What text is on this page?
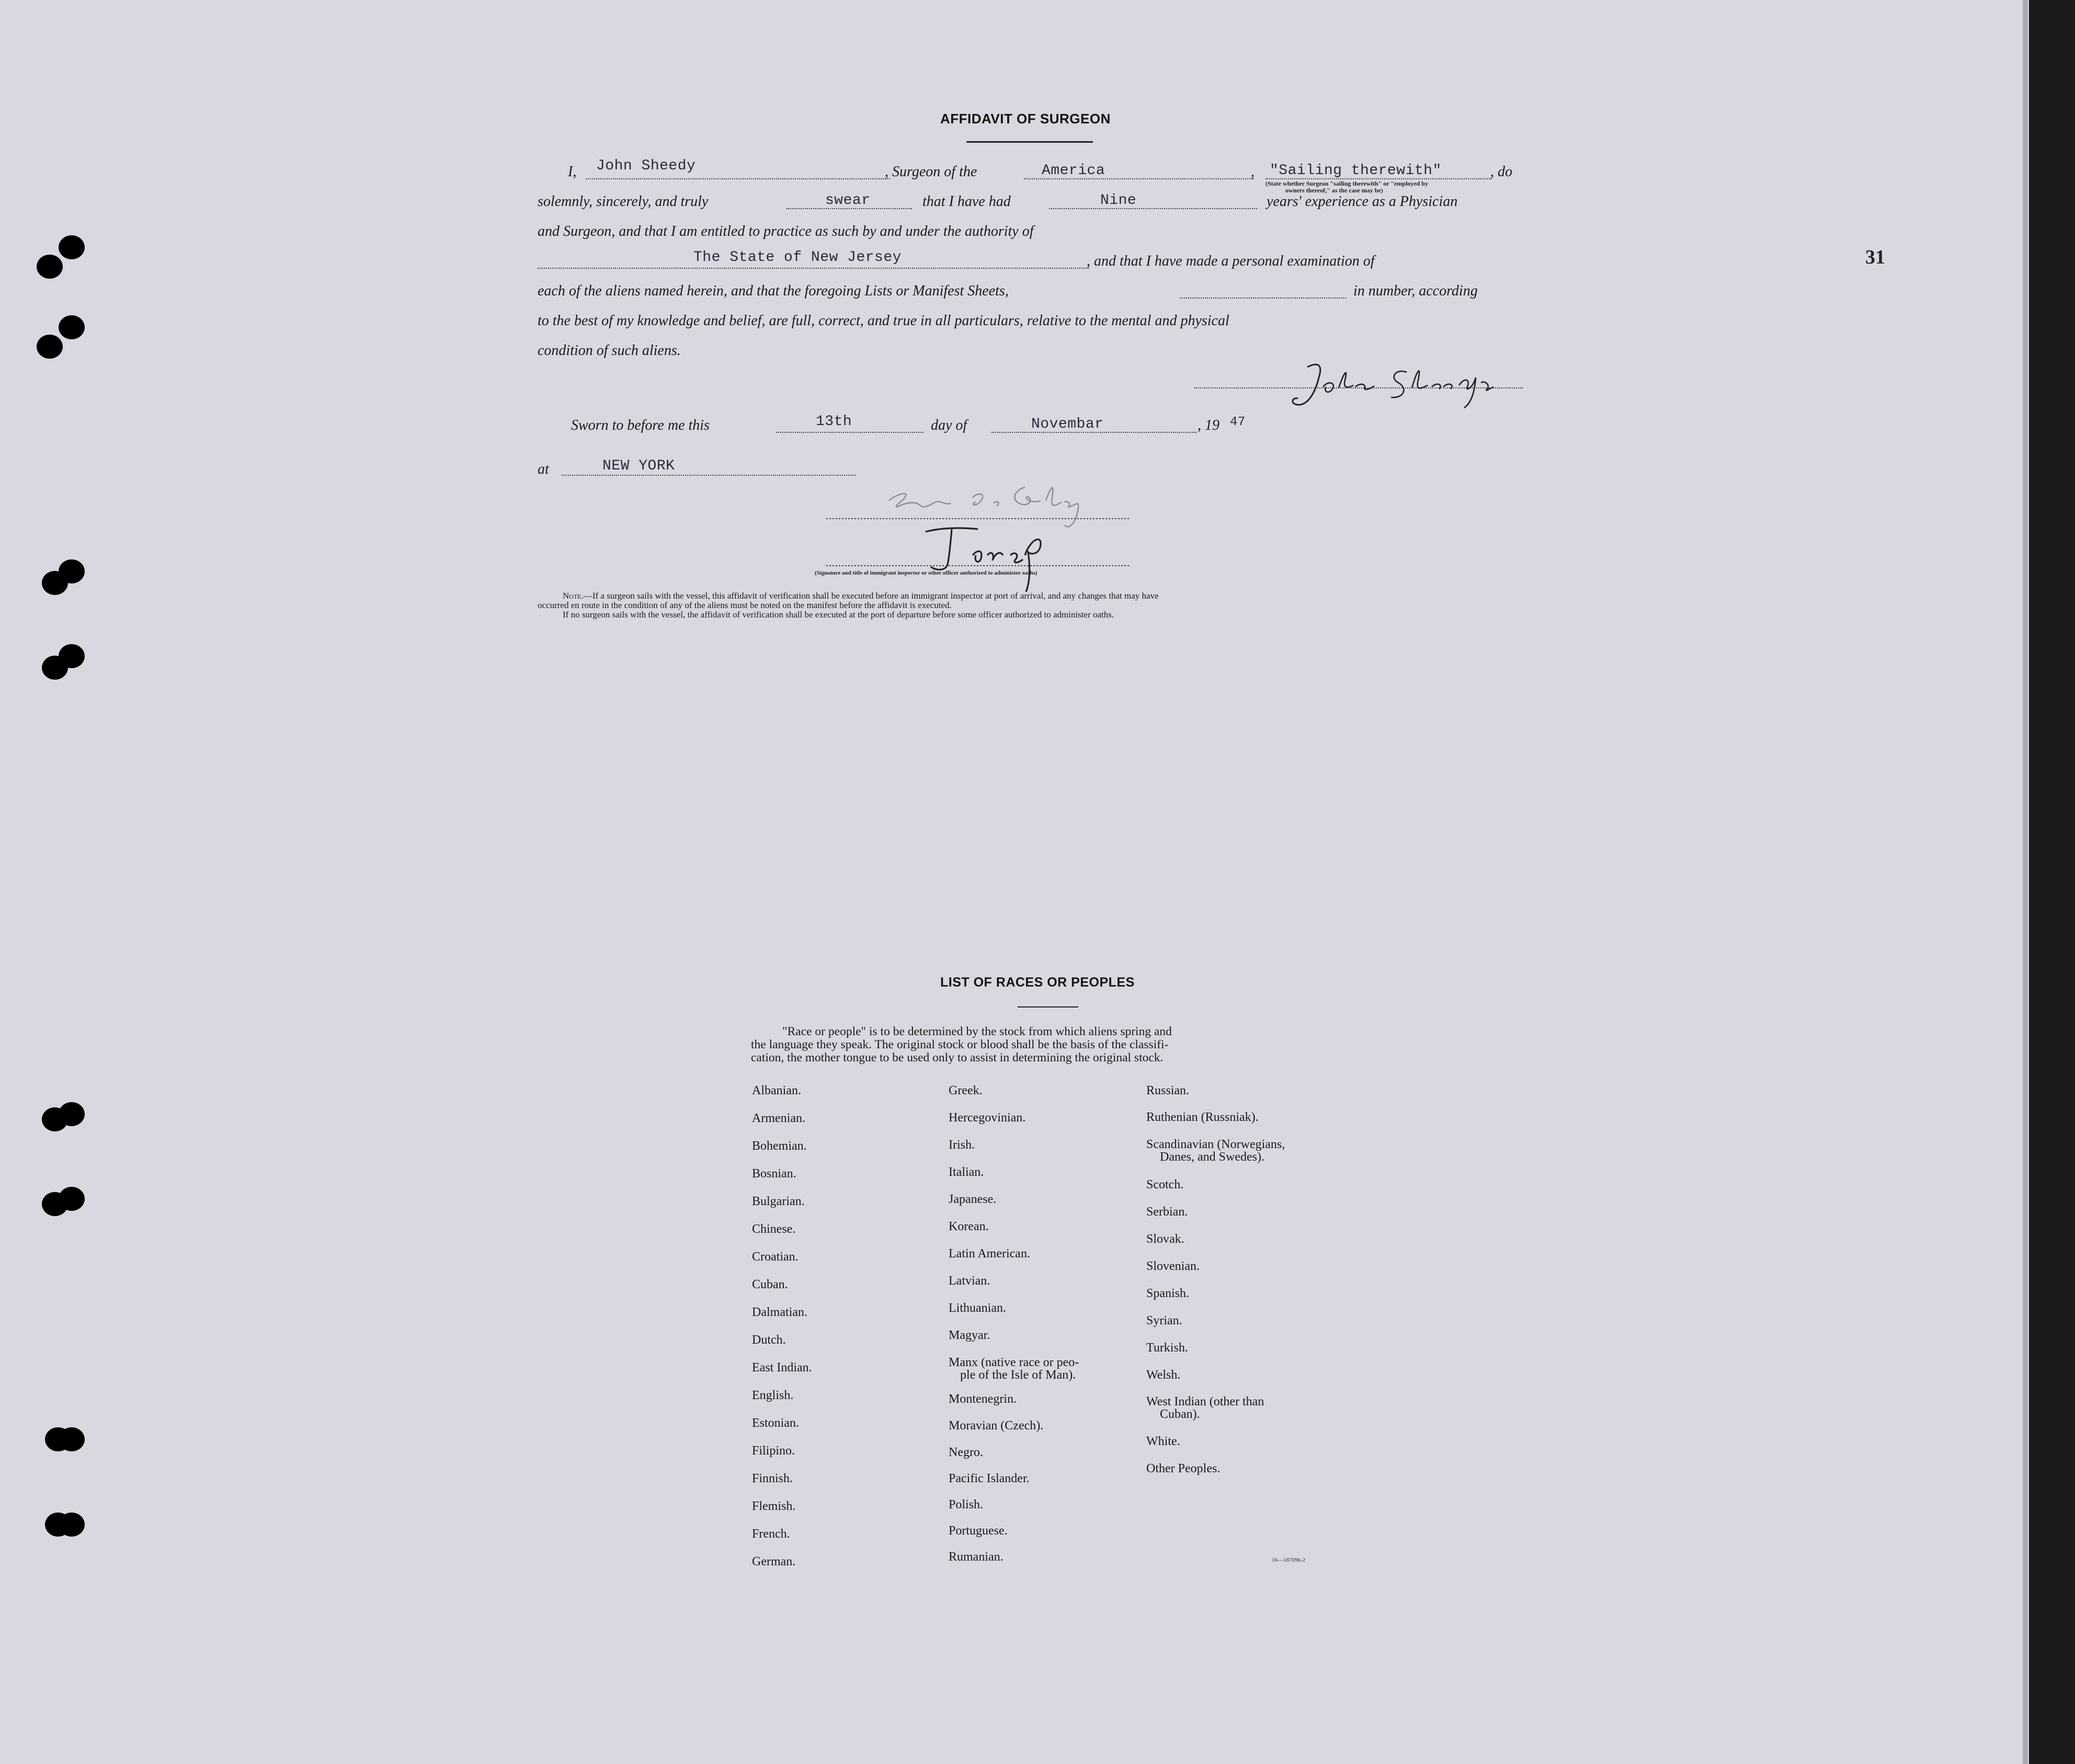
31
AFFIDAVIT OF SURGEON
I, John Sheedy	, Surgeon of the	America	, "Sailing therewith"
(State whether Surgeon "sailing therewith" or "employed by
owners thereof," as the case may be)
, do
solemnly, sincerely, and truly	swear	that I have had	Nine	years' experience as a Physician
and Surgeon, and that I am entitled to practice as such by and under the authority of
The State of New Jersey	, and that I have made a personal examination of
each of the aliens named herein, and that the foregoing Lists or Manifest Sheets,	in number, according
to the best of my knowledge and belief, are full, correct, and true in all particulars, relative to the mental and physical
condition of such aliens.
Sworn to before me this	13th	day of	Novembar	, 19 47
at	NEW YORK
(Signature and title of immigrant inspector or other officer authorized to administer oaths)
Note.—If a surgeon sails with the vessel, this affidavit of verification shall be executed before an immigrant inspector at port of arrival, and any changes that may have
occurred en route in the condition of any of the aliens must be noted on the manifest before the affidavit is executed.
If no surgeon sails with the vessel, the affidavit of verification shall be executed at the port of departure before some officer authorized to administer oaths.
LIST OF RACES OR PEOPLES
"Race or people" is to be determined by the stock from which aliens spring and
the language they speak. The original stock or blood shall be the basis of the classifi-
cation, the mother tongue to be used only to assist in determining the original stock.
Albanian.
Armenian.
Bohemian.
Bosnian.
Bulgarian.
Chinese.
Croatian.
Cuban.
Dalmatian.
Dutch.
East Indian.
English.
Estonian.
Filipino.
Finnish.
Flemish.
French.
German.
Greek.
Hercegovinian.
Irish.
Italian.
Japanese.
Korean.
Latin American.
Latvian.
Lithuanian.
Magyar.
Manx (native race or peo-
ple of the Isle of Man).
Montenegrin.
Moravian (Czech).
Negro.
Pacific Islander.
Polish.
Portuguese.
Rumanian.
Russian.
Ruthenian (Russniak).
Scandinavian (Norwegians,
Danes, and Swedes).
Scotch.
Serbian.
Slovak.
Slovenian.
Spanish.
Syrian.
Turkish.
Welsh.
West Indian (other than
Cuban).
White.
Other Peoples.
16—18709b-2
